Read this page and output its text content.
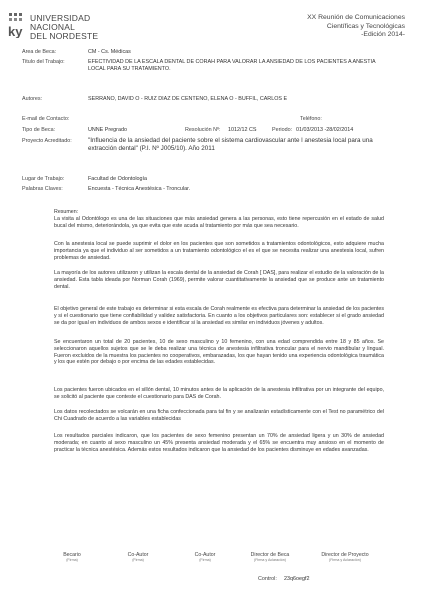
ky
UNIVERSIDAD
NACIONAL
DEL NORDESTE
XX Reunión de Comunicaciones
Científicas y Tecnológicas
-Edición 2014-
Area de Beca:	CM - Cs. Médicas
Titulo del Trabajo:	EFECTIVIDAD DE LA ESCALA DENTAL DE CORAH PARA VALORAR LA ANSIEDAD DE LOS PACIENTES A ANESTIA LOCAL PARA SU TRATAMIENTO.
Autores:	SERRANO, DAVID O - RUIZ DIAZ DE CENTENO, ELENA O - BUFFIL, CARLOS E
E-mail de Contacto:	Teléfono:
Tipo de Beca:	UNNE Pregrado	Resolución Nº: 1012/12 CS	Periodo: 01/03/2013 -28/02/2014
Proyecto Acreditado:	"Influencia de la ansiedad del paciente sobre el sistema cardiovascular ante l anestesia local para una extracción dental" (P.I. Nº J005/10). Año 2011
Lugar de Trabajo:	Facultad de Odontología
Palabras Claves:	Encuesta - Técnica Anestésica - Troncular.
Resumen:
La visita al Odontólogo es una de las situaciones que más ansiedad genera a las personas, esto tiene repercusión en el estado de salud bucal del mismo, deteriorándola, ya que evita que este acuda al tratamiento por más que sea necesario.
Con la anestesia local se puede suprimir el dolor en los pacientes que son sometidos a tratamientos odontológicos, esto adquiere mucha importancia ya que el individuo al ser sometidos a un tratamiento odontológico el es el que se necesita realizar una anestesia local, sufren problemas de ansiedad.
La mayoría de los autores utilizaron y utilizan la escala dental de la ansiedad de Corah [ DAS], para realizar el estudio de la valoración de la ansiedad. Esta tabla ideada por Norman Corah (1969), permite valorar cuantitativamente la ansiedad que se produce ante un tratamiento dental.
El objetivo general de este trabajo es determinar si esta escala de Corah realmente es efectiva para determinar la ansiedad de los pacientes y si el cuestionario que tiene confiabilidad y validez satisfactoria. En cuanto a los objetivos particulares son: establecer si el grado ansiedad se da por igual en individuos de ambos sexos e identificar si la ansiedad es similar en individuos jóvenes y adultos.
Se encuentaron un total de 20 pacientes, 10 de sexo masculino y 10 femenino, con una edad comprendida entre 18 y 85 años. Se seleccionaron aquellos sujetos que se le deba realizar una técnica de anestesia infiltrativa troncular para el nervio mandibular y lingual. Fueron excluidos de la muestra los pacientes no cooperativos, embarazadas, los que hayan tenido una experiencia odontológica traumática y los que estén por debajo o por encima de las edades establecidas.
Los pacientes fueron ubicados en el sillón dental, 10 minutos antes de la aplicación de la anestesia infiltrativa por un integrante del equipo, se solicitó al paciente que conteste el cuestionario para DAS de Corah.
Los datos recolectados se volcarán en una ficha confeccionada para tal fin y se analizarán estadísticamente con el Test no paramétrico del Chi Cuadrado de acuerdo a las variables establecidas
Los resultados parciales indicaron, que los pacientes de sexo femenino presentan un 70% de ansiedad ligera y un 30% de ansiedad moderada; en cuanto al sexo masculino un 45% presenta ansiedad moderada y el 65% se encuentra muy ansioso en el momento de practicar la técnica anestésica. Además estos resultados indicaron que la ansiedad de los pacientes disminuye en edades avanzadas.
Becario
(Firma)
Co-Autor
(Firma)
Co-Autor
(Firma)
Director de Beca
(Firma y Aclaración)
Director de Proyecto
(Firma y Aclaración)
Control: 23q6oegf2
